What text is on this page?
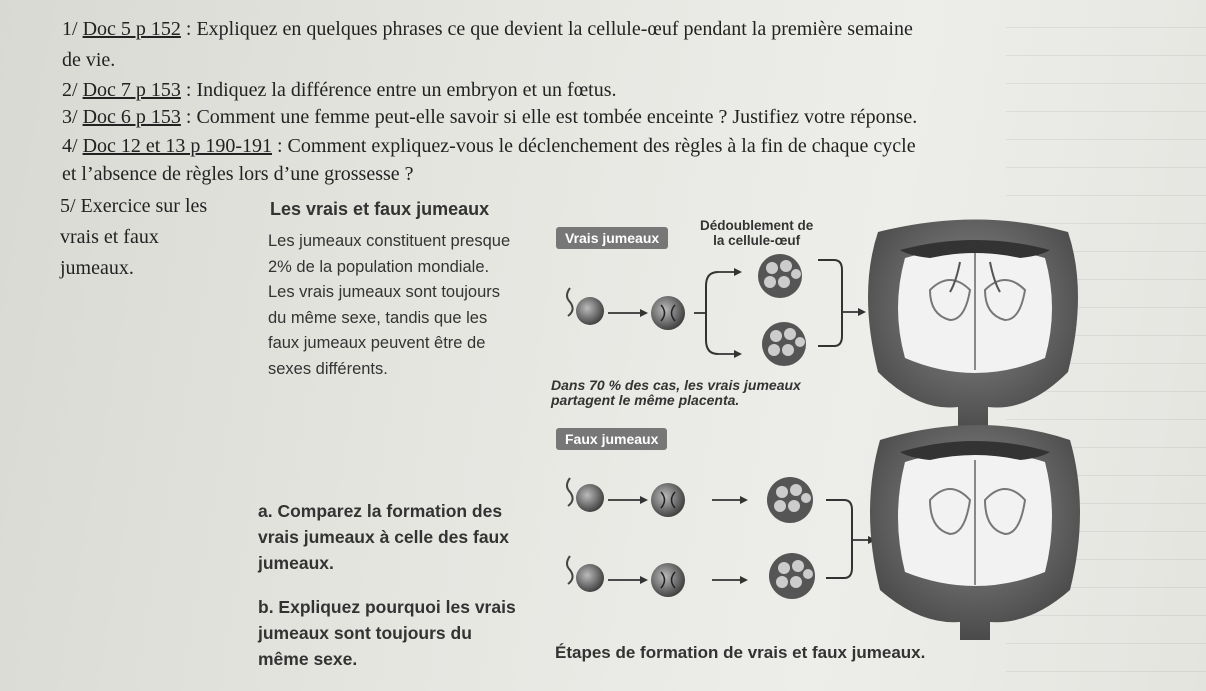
1/ Doc 5 p 152 : Expliquez en quelques phrases ce que devient la cellule-œuf pendant la première semaine
de vie.
2/ Doc 7 p 153 : Indiquez la différence entre un embryon et un fœtus.
3/ Doc 6 p 153 : Comment une femme peut-elle savoir si elle est tombée enceinte ? Justifiez votre réponse.
4/ Doc 12 et 13 p 190-191 : Comment expliquez-vous le déclenchement des règles à la fin de chaque cycle
et l’absence de règles lors d’une grossesse ?
5/ Exercice sur les
vrais et faux
jumeaux.
Les vrais et faux jumeaux
Les jumeaux constituent presque 2% de la population mondiale. Les vrais jumeaux sont toujours du même sexe, tandis que les faux jumeaux peuvent être de sexes différents.
a. Comparez la formation des vrais jumeaux à celle des faux jumeaux.
b. Expliquez pourquoi les vrais jumeaux sont toujours du même sexe.
Vrais jumeaux
Faux jumeaux
Dédoublement de
la cellule-œuf
Dans 70 % des cas, les vrais jumeaux
partagent le même placenta.
Étapes de formation de vrais et faux jumeaux.
